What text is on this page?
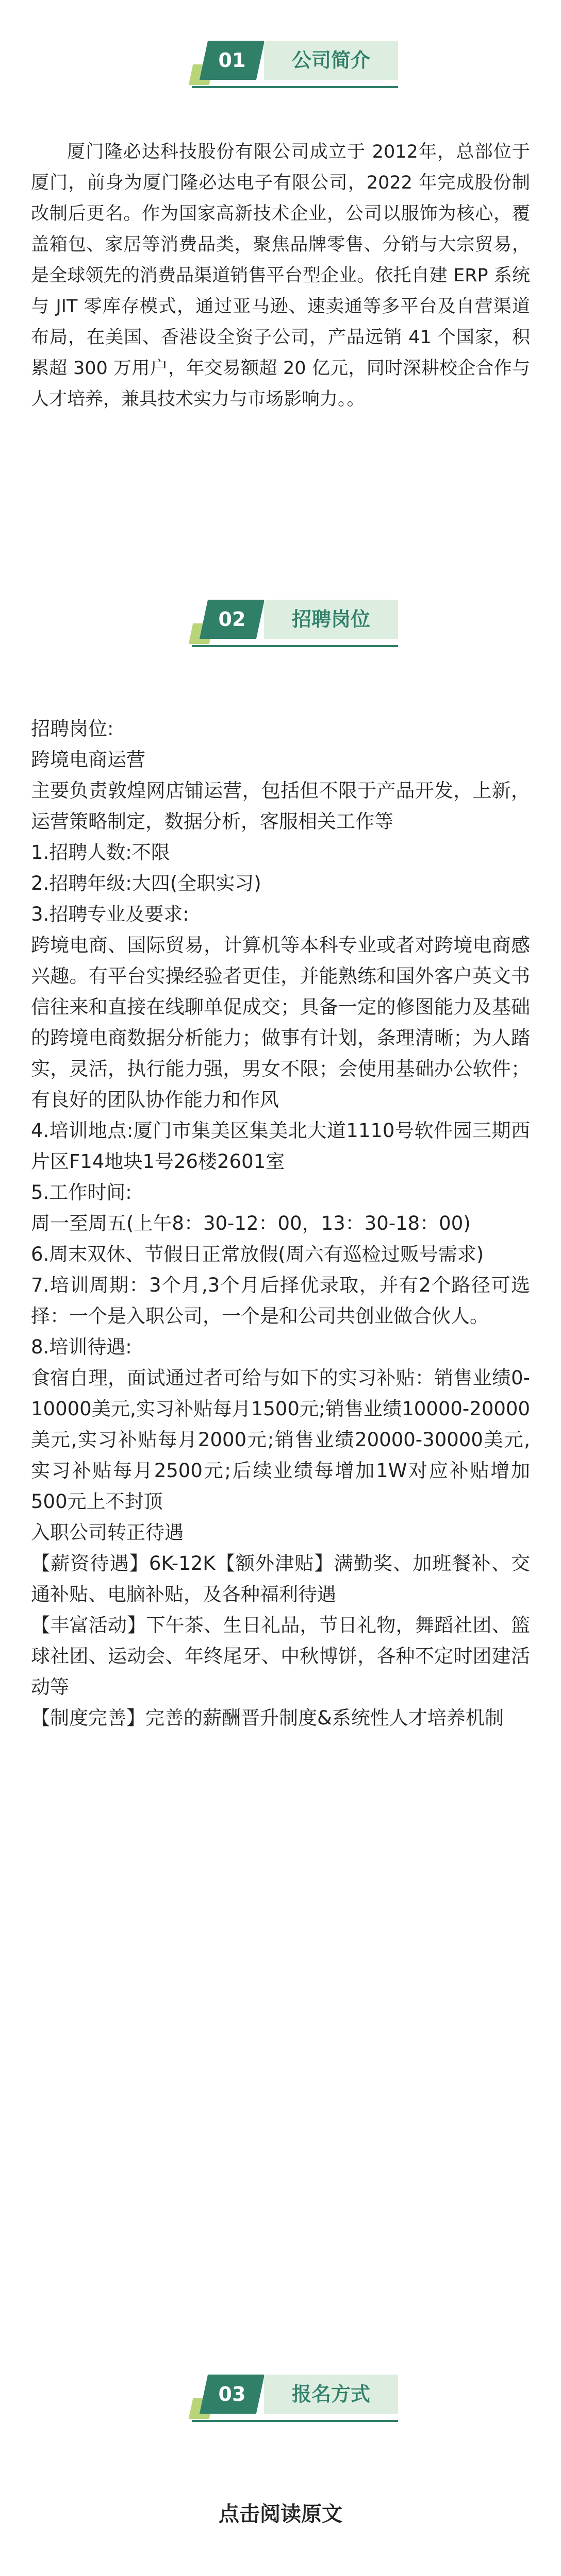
01	公司简介

厦门隆必达科技股份有限公司成立于 2012年，总部位于厦门，前身为厦门隆必达电子有限公司，2022 年完成股份制改制后更名。作为国家高新技术企业，公司以服饰为核心，覆盖箱包、家居等消费品类，聚焦品牌零售、分销与大宗贸易，是全球领先的消费品渠道销售平台型企业。依托自建 ERP 系统与 JIT 零库存模式，通过亚马逊、速卖通等多平台及自营渠道布局，在美国、香港设全资子公司，产品远销 41 个国家，积累超 300 万用户，年交易额超 20 亿元，同时深耕校企合作与人才培养，兼具技术实力与市场影响力。。

02	招聘岗位

招聘岗位:

跨境电商运营

主要负责敦煌网店铺运营，包括但不限于产品开发，上新，运营策略制定，数据分析，客服相关工作等

1.招聘人数:不限

2.招聘年级:大四(全职实习)

3.招聘专业及要求:

跨境电商、国际贸易，计算机等本科专业或者对跨境电商感兴趣。有平台实操经验者更佳，并能熟练和国外客户英文书信往来和直接在线聊单促成交；具备一定的修图能力及基础的跨境电商数据分析能力；做事有计划，条理清晰；为人踏实，灵活，执行能力强，男女不限；会使用基础办公软件；有良好的团队协作能力和作风

4.培训地点:厦门市集美区集美北大道1110号软件园三期西片区F14地块1号26楼2601室

5.工作时间:

周一至周五(上午8：30-12：00，13：30-18：00)

6.周末双休、节假日正常放假(周六有巡检过贩号需求)

7.培训周期：3个月,3个月后择优录取，并有2个路径可选择：一个是入职公司，一个是和公司共创业做合伙人。

8.培训待遇:

食宿自理，面试通过者可给与如下的实习补贴：销售业绩0-10000美元,实习补贴每月1500元;销售业绩10000-20000美元,实习补贴每月2000元;销售业绩20000-30000美元,实习补贴每月2500元;后续业绩每增加1W对应补贴增加500元上不封顶

入职公司转正待遇

【薪资待遇】6K-12K【额外津贴】满勤奖、加班餐补、交通补贴、电脑补贴，及各种福利待遇

【丰富活动】下午茶、生日礼品，节日礼物，舞蹈社团、篮球社团、运动会、年终尾牙、中秋博饼，各种不定时团建活动等

【制度完善】完善的薪酬晋升制度&系统性人才培养机制

03	报名方式
点击阅读原文
